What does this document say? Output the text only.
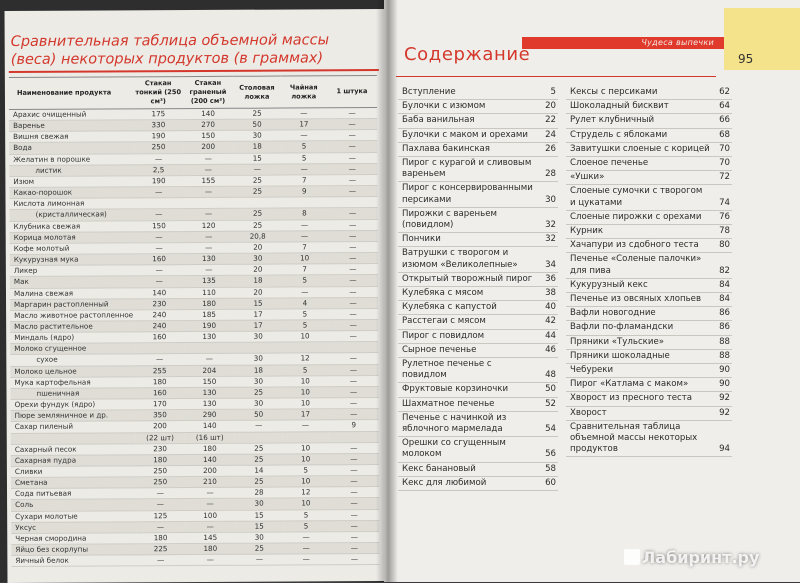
Сравнительная таблица объемной массы
(веса) некоторых продуктов (в граммах)
Наименование продукта	Стакан тонкий (250 см³)	Стакан граненый (200 см³)	Столовая ложка	Чайная ложка	1 штука
Арахис очищенный	175	140	25	—	—
Варенье	330	270	50	17	—
Вишня свежая	190	150	30	—	—
Вода	250	200	18	5	—
Желатин в порошке	—	—	15	5	—
листик	2,5	—	—	—	—
Изюм	190	155	25	7	—
Какао-порошок	—	—	25	9	—
Кислота лимонная					
(кристаллическая)	—	—	25	8	—
Клубника свежая	150	120	25	—	—
Корица молотая	—	—	20,8	—	—
Кофе молотый	—	—	20	7	—
Кукурузная мука	160	130	30	10	—
Ликер	—	—	20	7	—
Мак	—	135	18	5	—
Малина свежая	140	110	20	—	—
Маргарин растопленный	230	180	15	4	—
Масло животное растопленное	240	185	17	5	—
Масло растительное	240	190	17	5	—
Миндаль (ядро)	160	130	30	10	—
Молоко сгущенное					
сухое	—	—	30	12	—
Молоко цельное	255	204	18	5	—
Мука картофельная	180	150	30	10	—
пшеничная	160	130	25	10	—
Орехи фундук (ядро)	170	130	30	10	—
Пюре земляничное и др.	350	290	50	17	—
Сахар пиленый	200	140	—	—	9
	(22 шт)	(16 шт)			
Сахарный песок	230	180	25	10	—
Сахарная пудра	180	140	25	10	—
Сливки	250	200	14	5	—
Сметана	250	210	25	10	—
Сода питьевая	—	—	28	12	—
Соль	—	—	30	10	—
Сухари молотые	125	100	15	5	—
Уксус	—	—	15	5	—
Черная смородина	180	145	30	—	—
Яйцо без скорлупы	225	180	25	—	—
Яичный белок	—	—	—	—	—
Чудеса выпечки
95
Содержание
Вступление	5
Булочки с изюмом	20
Баба ванильная	22
Булочки с маком и орехами 24
Пахлава бакинская	26
Пирог с курагой и сливовым вареньем	28
Пирог с консервированными персиками	30
Пирожки с вареньем (повидлом)	32
Пончики	32
Ватрушки с творогом и изюмом «Великолепные»	34
Открытый творожный пирог 36
Кулебяка с мясом	38
Кулебяка с капустой	40
Расстегаи с мясом	42
Пирог с повидлом	44
Сырное печенье	46
Рулетное печенье с повидлом	48
Фруктовые корзиночки	50
Шахматное печенье	52
Печенье с начинкой из яблочного мармелада	54
Орешки со сгущенным молоком	56
Кекс банановый	58
Кекс для любимой	60
Кексы с персиками	62
Шоколадный бисквит	64
Рулет клубничный	66
Струдель с яблоками	68
Завитушки слоеные с корицей 70
Слоеное печенье	70
«Ушки»	72
Слоеные сумочки с творогом и цукатами	74
Слоеные пирожки с орехами 76
Курник	78
Хачапури из сдобного теста 80
Печенье «Соленые палочки» для пива	82
Кукурузный кекс	84
Печенье из овсяных хлопьев 84
Вафли новогодние	86
Вафли по-фламандски	86
Пряники «Тульские»	88
Пряники шоколадные	88
Чебуреки	90
Пирог «Катлама с маком»	90
Хворост из пресного теста	92
Хворост	92
Сравнительная таблица объемной массы некоторых продуктов	94
Лабиринт.ру
